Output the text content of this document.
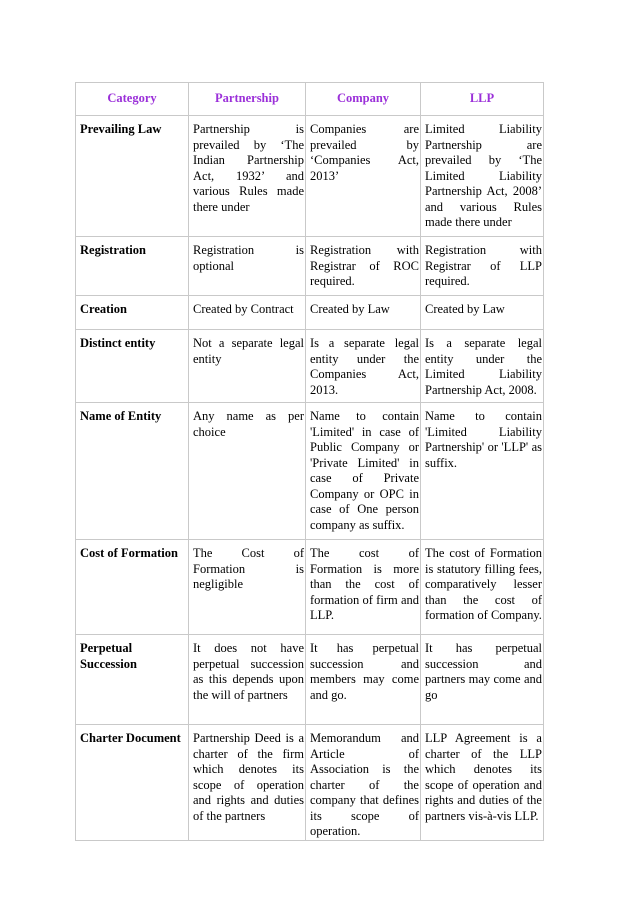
Category	Partnership	Company	LLP
Prevailing Law	Partnership is prevailed by ‘The Indian Partnership Act, 1932’ and various Rules made there under	Companies are prevailed by ‘Companies Act, 2013’	Limited Liability Partnership are prevailed by ‘The Limited Liability Partnership Act, 2008’ and various Rules made there under
Registration	Registration is optional	Registration with Registrar of ROC required.	Registration with Registrar of LLP required.
Creation	Created by Contract	Created by Law	Created by Law
Distinct entity	Not a separate legal entity	Is a separate legal entity under the Companies Act, 2013.	Is a separate legal entity under the Limited Liability Partnership Act, 2008.
Name of Entity	Any name as per choice	Name to contain 'Limited' in case of Public Company or 'Private Limited' in case of Private Company or OPC in case of One person company as suffix.	Name to contain 'Limited Liability Partnership' or 'LLP' as suffix.
Cost of Formation	The Cost of Formation is negligible	The cost of Formation is more than the cost of formation of firm and LLP.	The cost of Formation is statutory filling fees, comparatively lesser than the cost of formation of Company.
Perpetual Succession	It does not have perpetual succession as this depends upon the will of partners	It has perpetual succession and members may come and go.	It has perpetual succession and partners may come and go
Charter Document	Partnership Deed is a charter of the firm which denotes its scope of operation and rights and duties of the partners	Memorandum and Article of Association is the charter of the company that defines its scope of operation.	LLP Agreement is a charter of the LLP which denotes its scope of operation and rights and duties of the partners vis-à-vis LLP.
